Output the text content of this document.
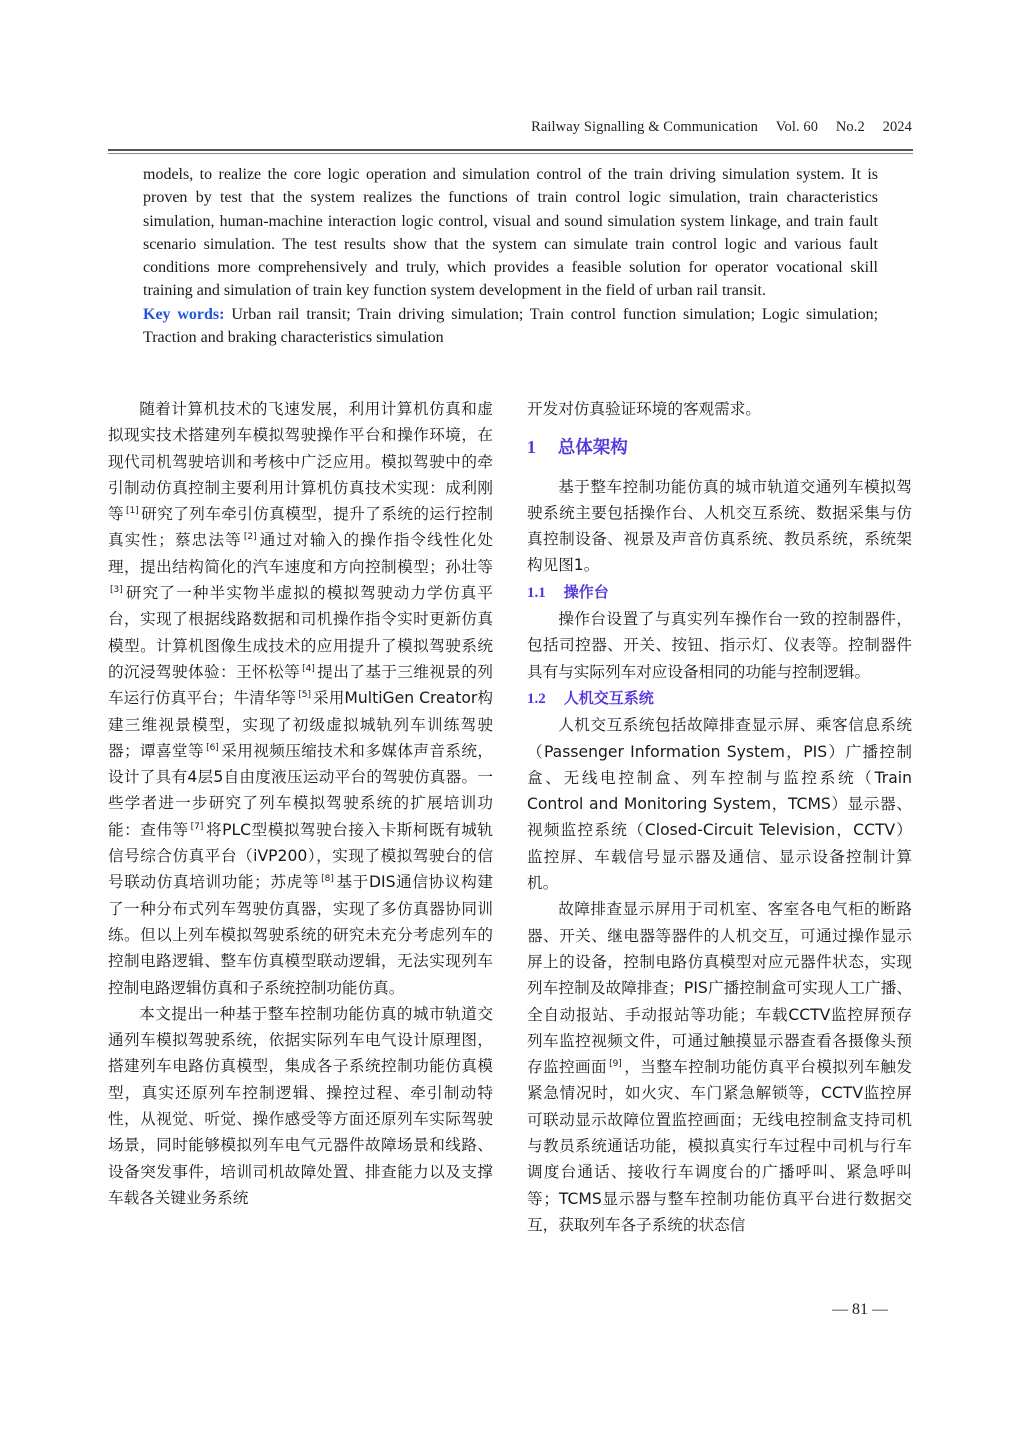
Railway Signalling & Communication Vol. 60 No.2 2024

models, to realize the core logic operation and simulation control of the train driving simulation system. It is proven by test that the system realizes the functions of train control logic simulation, train characteristics simulation, human-machine interaction logic control, visual and sound simulation system linkage, and train fault scenario simulation. The test results show that the system can simulate train control logic and various fault conditions more comprehensively and truly, which provides a feasible solution for operator vocational skill training and simulation of train key function system development in the field of urban rail transit.

Key words: Urban rail transit; Train driving simulation; Train control function simulation; Logic simulation; Traction and braking characteristics simulation

随着计算机技术的飞速发展，利用计算机仿真和虚拟现实技术搭建列车模拟驾驶操作平台和操作环境，在现代司机驾驶培训和考核中广泛应用。模拟驾驶中的牵引制动仿真控制主要利用计算机仿真技术实现：成利刚等 [1] 研究了列车牵引仿真模型，提升了系统的运行控制真实性；蔡忠法等 [2] 通过对输入的操作指令线性化处理，提出结构简化的汽车速度和方向控制模型；孙壮等[3] 研究了一种半实物半虚拟的模拟驾驶动力学仿真平台，实现了根据线路数据和司机操作指令实时更新仿真模型。计算机图像生成技术的应用提升了模拟驾驶系统的沉浸驾驶体验：王怀松等 [4] 提出了基于三维视景的列车运行仿真平台；牛清华等 [5] 采用MultiGen Creator构建三维视景模型，实现了初级虚拟城轨列车训练驾驶器；谭喜堂等 [6] 采用视频压缩技术和多媒体声音系统，设计了具有4层5自由度液压运动平台的驾驶仿真器。一些学者进一步研究了列车模拟驾驶系统的扩展培训功能：查伟等 [7] 将PLC型模拟驾驶台接入卡斯柯既有城轨信号综合仿真平台（iVP200），实现了模拟驾驶台的信号联动仿真培训功能；苏虎等 [8] 基于DIS通信协议构建了一种分布式列车驾驶仿真器，实现了多仿真器协同训练。但以上列车模拟驾驶系统的研究未充分考虑列车的控制电路逻辑、整车仿真模型联动逻辑，无法实现列车控制电路逻辑仿真和子系统控制功能仿真。

本文提出一种基于整车控制功能仿真的城市轨道交通列车模拟驾驶系统，依据实际列车电气设计原理图，搭建列车电路仿真模型，集成各子系统控制功能仿真模型，真实还原列车控制逻辑、操控过程、牵引制动特性，从视觉、听觉、操作感受等方面还原列车实际驾驶场景，同时能够模拟列车电气元器件故障场景和线路、设备突发事件，培训司机故障处置、排查能力以及支撑车载各关键业务系统

开发对仿真验证环境的客观需求。

1 总体架构

基于整车控制功能仿真的城市轨道交通列车模拟驾驶系统主要包括操作台、人机交互系统、数据采集与仿真控制设备、视景及声音仿真系统、教员系统，系统架构见图1。

1.1 操作台

操作台设置了与真实列车操作台一致的控制器件，包括司控器、开关、按钮、指示灯、仪表等。控制器件具有与实际列车对应设备相同的功能与控制逻辑。

1.2 人机交互系统

人机交互系统包括故障排查显示屏、乘客信息系统（Passenger Information System，PIS）广播控制盒、无线电控制盒、列车控制与监控系统（Train Control and Monitoring System，TCMS）显示器、视频监控系统（Closed-Circuit Television，CCTV）监控屏、车载信号显示器及通信、显示设备控制计算机。

故障排查显示屏用于司机室、客室各电气柜的断路器、开关、继电器等器件的人机交互，可通过操作显示屏上的设备，控制电路仿真模型对应元器件状态，实现列车控制及故障排查；PIS广播控制盒可实现人工广播、全自动报站、手动报站等功能；车载CCTV监控屏预存列车监控视频文件，可通过触摸显示器查看各摄像头预存监控画面 [9] ，当整车控制功能仿真平台模拟列车触发紧急情况时，如火灾、车门紧急解锁等，CCTV监控屏可联动显示故障位置监控画面；无线电控制盒支持司机与教员系统通话功能，模拟真实行车过程中司机与行车调度台通话、接收行车调度台的广播呼叫、紧急呼叫等；TCMS显示器与整车控制功能仿真平台进行数据交互，获取列车各子系统的状态信

— 81 —
